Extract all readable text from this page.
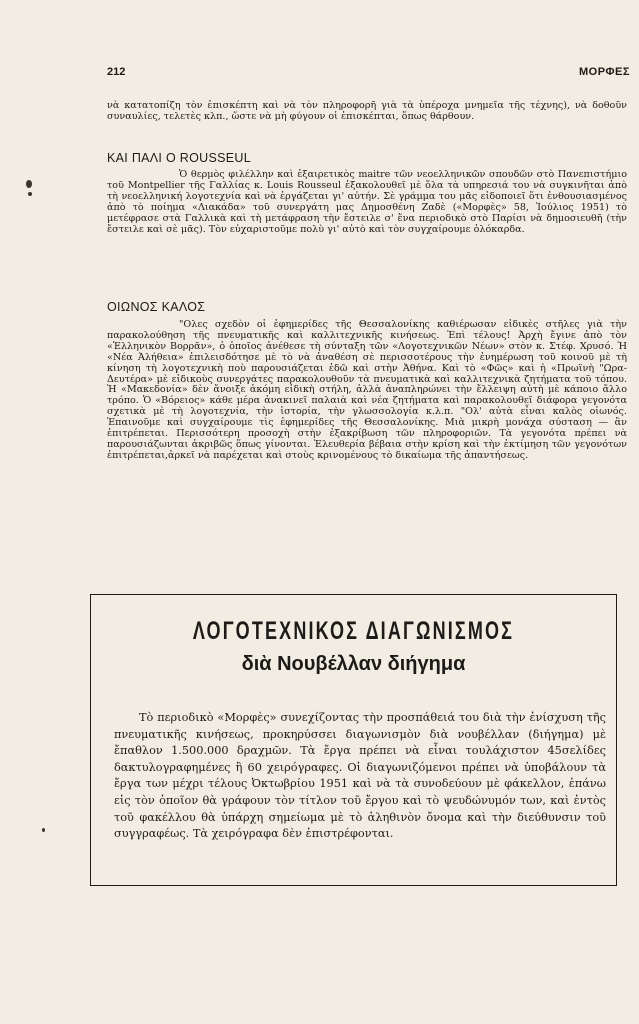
212	ΜΟΡΦΕΣ

νὰ κατατοπίζη τὸν ἐπισκέπτη καὶ νὰ τὸν πληροφορῆ γιὰ τὰ ὑπέροχα μνημεῖα τῆς τέχνης), νὰ δοθοῦν συναυλίες, τελετὲς κλπ., ὥστε νὰ μὴ φύγουν οἱ ἐπισκέπται, ὅπως θάρθουν.

ΚΑΙ ΠΑΛΙ Ο ROUSSEUL

Ὁ θερμὸς φιλέλλην καὶ ἐξαιρετικὸς maitre τῶν νεοελληνικῶν σπουδῶν στὸ Πανεπιστήμιο τοῦ Montpellier τῆς Γαλλίας κ. Louis Rousseul ἐξακολουθεῖ μὲ ὅλα τὰ υπηρεσιά του νὰ συγκινῆται ἀπὸ τὴ νεοελληνική λογοτεχνία καὶ νὰ ἐργάζεται γι' αὐτήν. Σὲ γράμμα του μᾶς εἰδοποιεῖ ὅτι ἐνθουσιασμένος ἀπὸ τὸ ποίημα «Λιακάδα» τοῦ συνεργάτη μας Δημοσθένη Ζαδὲ («Μορφὲς» 58, Ἰούλιος 1951) τὸ μετέφρασε στὰ Γαλλικὰ καὶ τὴ μετάφραση τὴν ἔστειλε σ' ἕνα περιοδικὸ στὸ Παρίσι νὰ δημοσιευθῆ (τὴν ἔστειλε καὶ σὲ μᾶς). Τὸν εὐχαριστοῦμε πολὺ γι' αὐτὸ καὶ τὸν συγχαίρουμε ὁλόκαρδα.

ΟΙΩΝΟΣ ΚΑΛΟΣ

"Ολες σχεδὸν οἱ ἐφημερίδες τῆς Θεσσαλονίκης καθιέρωσαν εἰδικὲς στῆλες γιὰ τὴν παρακολούθηση τῆς πνευματικῆς καὶ καλλιτεχνικῆς κινήσεως. Ἐπὶ τέλους! Ἀρχὴ ἔγινε ἀπὸ τὸν «Ἑλληνικὸν Βορρᾶν», ὁ ὁποῖος ἀνέθεσε τὴ σύνταξη τῶν «Λογοτεχνικῶν Νέων» στὸν κ. Στέφ. Χρυσό. Ἡ «Νέα Ἀλήθεια» ἐπιλεισδότησε μὲ τὸ νὰ ἀναθέση σὲ περισσοτέρους τὴν ἐνημέρωση τοῦ κοινοῦ μὲ τὴ κίνηση τὴ λογοτεχνικὴ ποὺ παρουσιάζεται ἐδῶ καὶ στὴν Ἀθήνα. Καὶ τὸ «Φῶς» καὶ ἡ «Πρωϊνὴ "Ωρα-Δευτέρα» μὲ εἰδικοὺς συνεργάτες παρακολουθοῦν τὰ πνευματικὰ καὶ καλλιτεχνικὰ ζητήματα τοῦ τόπου. Ἡ «Μακεδονία» δὲν ἄνοιξε ἀκόμη εἰδικὴ στήλη, ἀλλὰ ἀναπληρώνει τὴν ἔλλειψη αὐτὴ μὲ κάποιο ἄλλο τρόπο. Ὁ «Βόρειος» κάθε μέρα ἀνακινεῖ παλαιὰ καὶ νέα ζητήματα καὶ παρακολουθεῖ διάφορα γεγονότα σχετικὰ μὲ τὴ λογοτεχνία, τὴν ἱστορία, τὴν γλωσσολογία κ.λ.π. "Ολ' αὐτὰ εἶναι καλὸς οἰωνός. Ἐπαινοῦμε καὶ συγχαίρουμε τὶς ἐφημερίδες τῆς Θεσσαλονίκης. Μιὰ μικρὴ μονάχα σύσταση — ἂν ἐπιτρέπεται. Περισσότερη προσοχὴ στὴν ἐξακρίβωση τῶν πληροφοριῶν. Τὰ γεγονότα πρέπει νὰ παρουσιάζωνται ἀκριβῶς ὅπως γίνονται. Ἐλευθερία βέβαια στὴν κρίση καὶ τὴν ἐκτίμηση τῶν γεγονότων ἐπιτρέπεται,ἀρκεῖ νὰ παρέχεται καὶ στοὺς κρινομένους τὸ δικαίωμα τῆς ἀπαντήσεως.

ΛΟΓΟΤΕΧΝΙΚΟΣ ΔΙΑΓΩΝΙΣΜΟΣ
διὰ Νουβέλλαν διήγημα

Τὸ περιοδικὸ «Μορφὲς» συνεχίζοντας τὴν προσπάθειά του διὰ τὴν ἐνίσχυση τῆς πνευματικῆς κινήσεως, προκηρύσσει διαγωνισμὸν διὰ νουβέλλαν (διήγημα) μὲ ἔπαθλον 1.500.000 δραχμῶν. Τὰ ἔργα πρέπει νὰ εἶναι τουλάχιστον 45σελίδες δακτυλογραφημένες ἢ 60 χειρόγραφες. Οἱ διαγωνιζόμενοι πρέπει νὰ ὑποβάλουν τὰ ἔργα των μέχρι τέλους Ὀκτωβρίου 1951 καὶ νὰ τὰ συνοδεύουν μὲ φάκελλον, ἐπάνω εἰς τὸν ὁποῖον θὰ γράφουν τὸν τίτλον τοῦ ἔργου καὶ τὸ ψευδώνυμόν των, καὶ ἐντὸς τοῦ φακέλλου θὰ ὑπάρχη σημείωμα μὲ τὸ ἀληθινὸν ὄνομα καὶ τὴν διεύθυνσιν τοῦ συγγραφέως. Τὰ χειρόγραφα δὲν ἐπιστρέφονται.
